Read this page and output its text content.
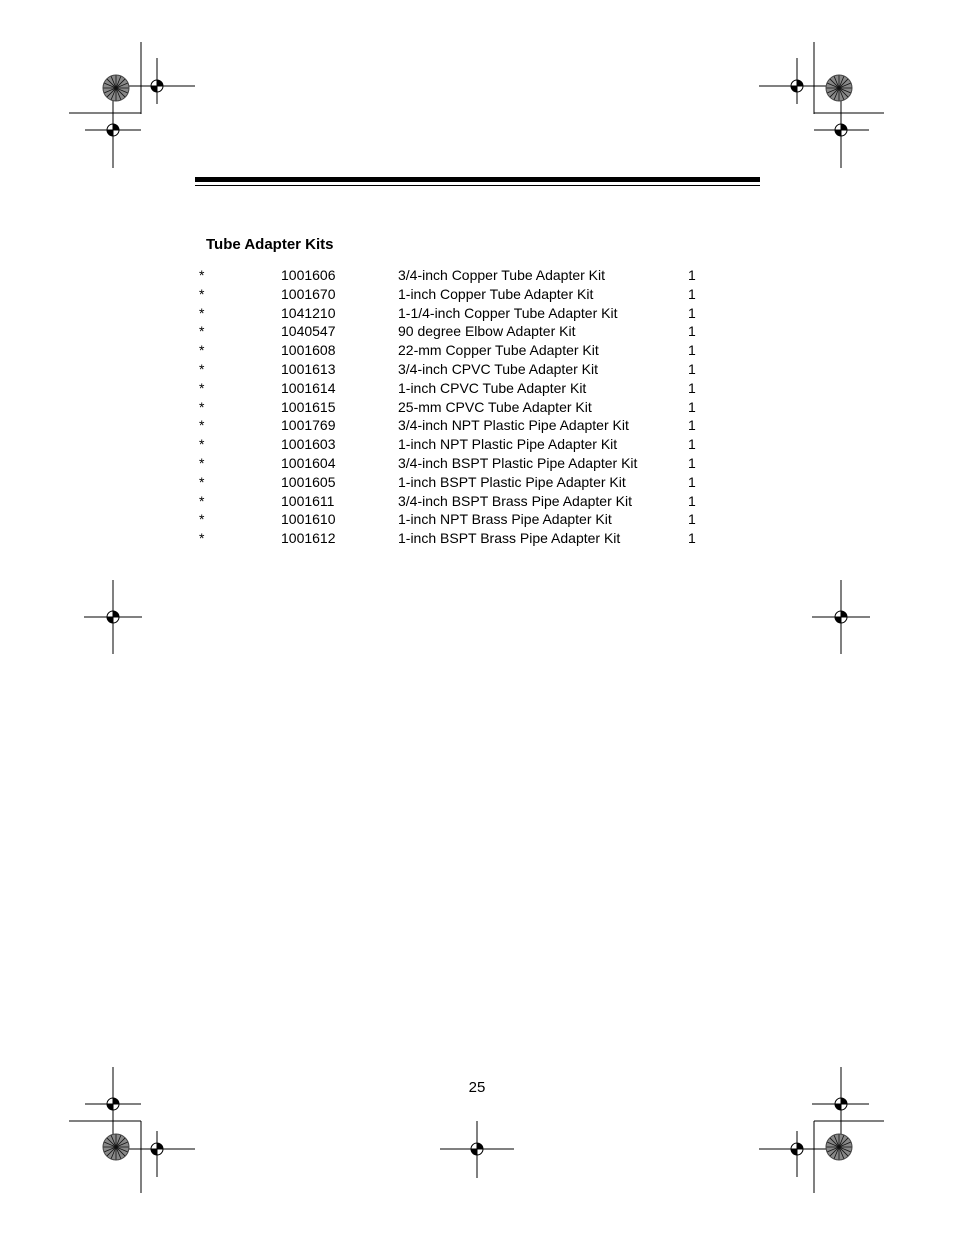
Tube Adapter Kits
*	1001606	3/4-inch Copper Tube Adapter Kit	1
*	1001670	1-inch Copper Tube Adapter Kit	1
*	1041210	1-1/4-inch Copper Tube Adapter Kit	1
*	1040547	90 degree Elbow Adapter Kit	1
*	1001608	22-mm Copper Tube Adapter Kit	1
*	1001613	3/4-inch CPVC Tube Adapter Kit	1
*	1001614	1-inch CPVC Tube Adapter Kit	1
*	1001615	25-mm CPVC Tube Adapter Kit	1
*	1001769	3/4-inch NPT Plastic Pipe Adapter Kit	1
*	1001603	1-inch NPT Plastic Pipe Adapter Kit	1
*	1001604	3/4-inch BSPT Plastic Pipe Adapter Kit	1
*	1001605	1-inch BSPT Plastic Pipe Adapter Kit	1
*	1001611	3/4-inch BSPT Brass Pipe Adapter Kit	1
*	1001610	1-inch NPT Brass Pipe Adapter Kit	1
*	1001612	1-inch BSPT Brass Pipe Adapter Kit	1
25
